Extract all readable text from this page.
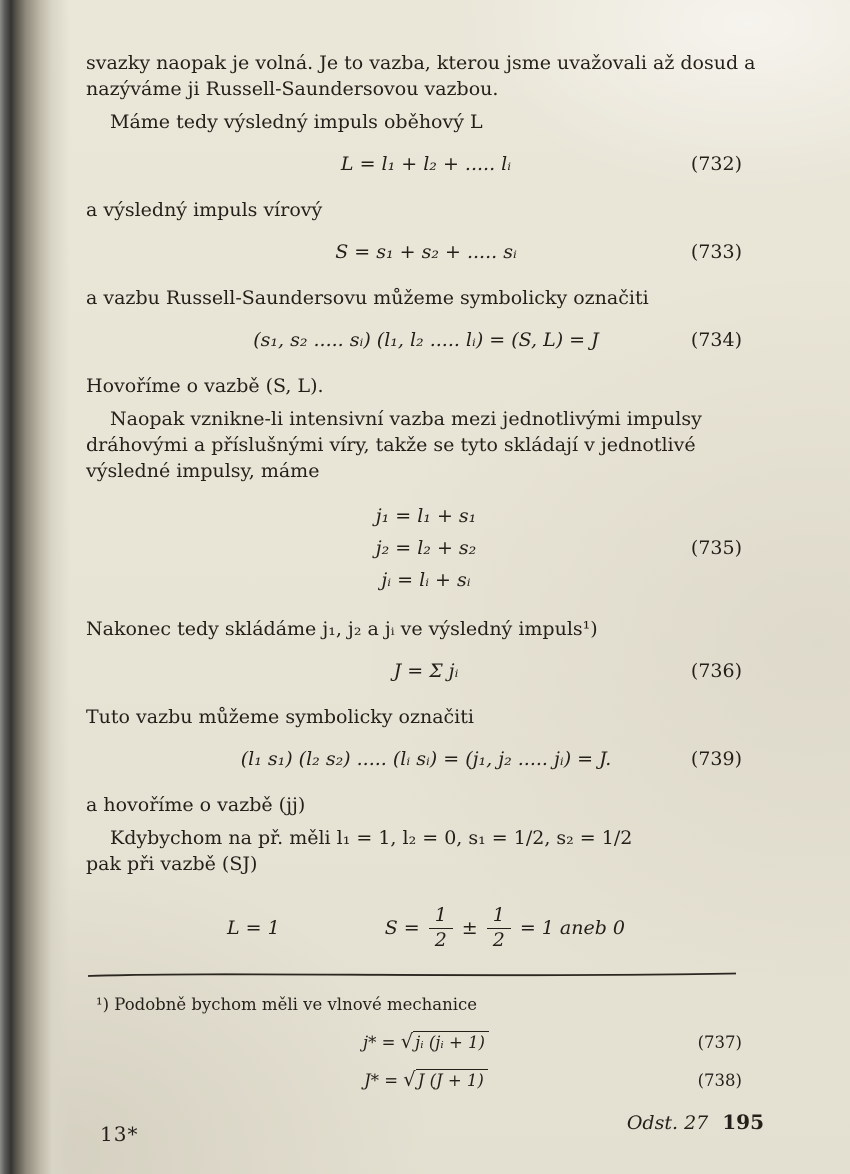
svazky naopak je volná. Je to vazba, kterou jsme uvažovali až dosud a nazýváme ji Russell-Saundersovou vazbou.

Máme tedy výsledný impuls oběhový L

L = l₁ + l₂ + ..... lᵢ	(732)

a výsledný impuls vírový

S = s₁ + s₂ + ..... sᵢ	(733)

a vazbu Russell-Saundersovu můžeme symbolicky označiti

(s₁, s₂ ..... sᵢ) (l₁, l₂ ..... lᵢ) = (S, L) = J	(734)

Hovoříme o vazbě (S, L).

Naopak vznikne-li intensivní vazba mezi jednotlivými impulsy dráhovými a příslušnými víry, takže se tyto skládají v jednotlivé výsledné impulsy, máme

j₁ = l₁ + s₁
j₂ = l₂ + s₂
jᵢ = lᵢ + sᵢ
(735)

Nakonec tedy skládáme j₁, j₂ a jᵢ ve výsledný impuls¹)

J = Σ jᵢ	(736)

Tuto vazbu můžeme symbolicky označiti

(l₁ s₁) (l₂ s₂) ..... (lᵢ sᵢ) = (j₁, j₂ ..... jᵢ) = J.	(739)

a hovoříme o vazbě (jj)

Kdybychom na př. měli l₁ = 1, l₂ = 0, s₁ = 1/2, s₂ = 1/2

pak při vazbě (SJ)

L = 1	$S = \frac{1}{2} \pm \frac{1}{2} = 1$ aneb 0

¹) Podobně bychom měli ve vlnové mechanice

j* = √ jᵢ (jᵢ + 1)	(737)
J* = √ J (J + 1)	(738)
13*	Odst. 27 195
